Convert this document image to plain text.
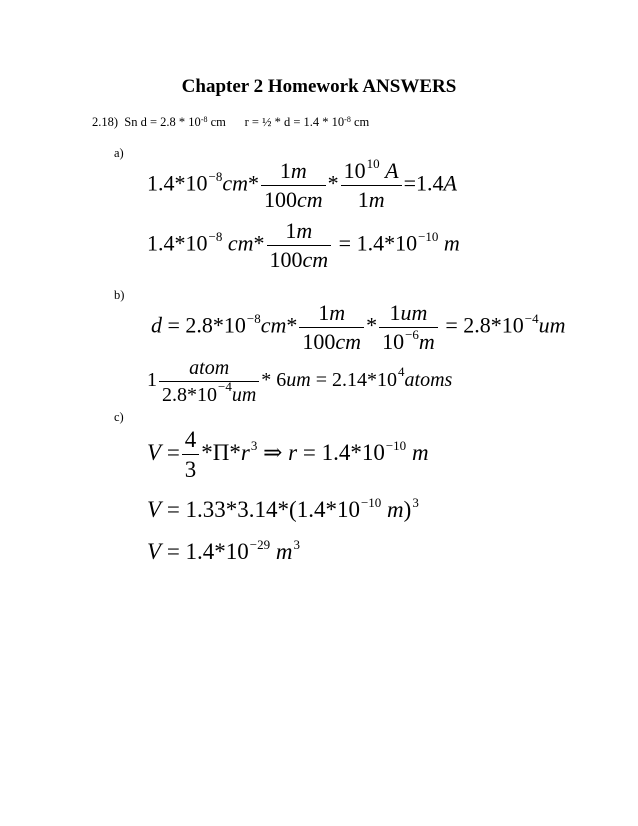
Chapter 2 Homework ANSWERS
2.18) Sn $d = 2.8 * 10^{-8}$ cm r = ½ * $d = 1.4 * 10^{-8}$ cm
a)
$1.4*10^{-8}cm* \frac{1m}{100cm} * \frac{10^{10} A}{1m} =1.4A$
$1.4*10^{-8}$ $cm* \frac{1m}{100cm} = 1.4*10^{-10}$ m
b)
$d = 2.8*10^{-8}cm* \frac{1m}{100cm} * \frac{1um}{10^{-6}m} = 2.8*10^{-4}um$
$1 \frac{\text{atom}}{2.8*10^{-4}um} * 6um$ = $2.14*10^4atoms$
c)
$V = \frac{4}{3} *\Pi*r^3$ ⇒ $r = 1.4*10^{-10}$ m
$V = 1.33*3.14*(1.4*10^{-10}$ m)$^3$
$V = 1.4*10^{-29}$ $m^3$
